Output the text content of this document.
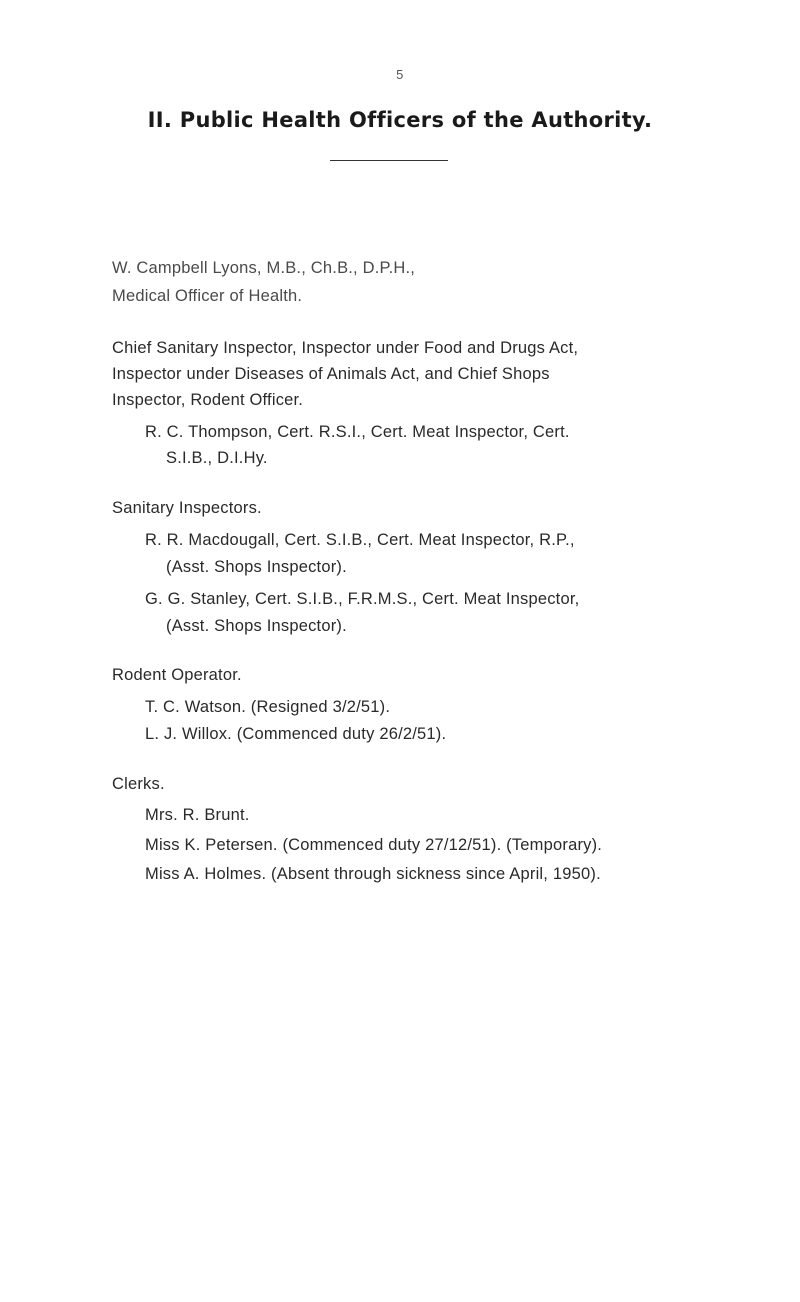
5
II. Public Health Officers of the Authority.
W. Campbell Lyons, M.B., Ch.B., D.P.H.,
Medical Officer of Health.
Chief Sanitary Inspector, Inspector under Food and Drugs Act,
Inspector under Diseases of Animals Act, and Chief Shops
Inspector, Rodent Officer.
R. C. Thompson, Cert. R.S.I., Cert. Meat Inspector, Cert.
S.I.B., D.I.Hy.
Sanitary Inspectors.
R. R. Macdougall, Cert. S.I.B., Cert. Meat Inspector, R.P.,
(Asst. Shops Inspector).
G. G. Stanley, Cert. S.I.B., F.R.M.S., Cert. Meat Inspector,
(Asst. Shops Inspector).
Rodent Operator.
T. C. Watson. (Resigned 3/2/51).
L. J. Willox. (Commenced duty 26/2/51).
Clerks.
Mrs. R. Brunt.
Miss K. Petersen. (Commenced duty 27/12/51). (Temporary).
Miss A. Holmes. (Absent through sickness since April, 1950).
